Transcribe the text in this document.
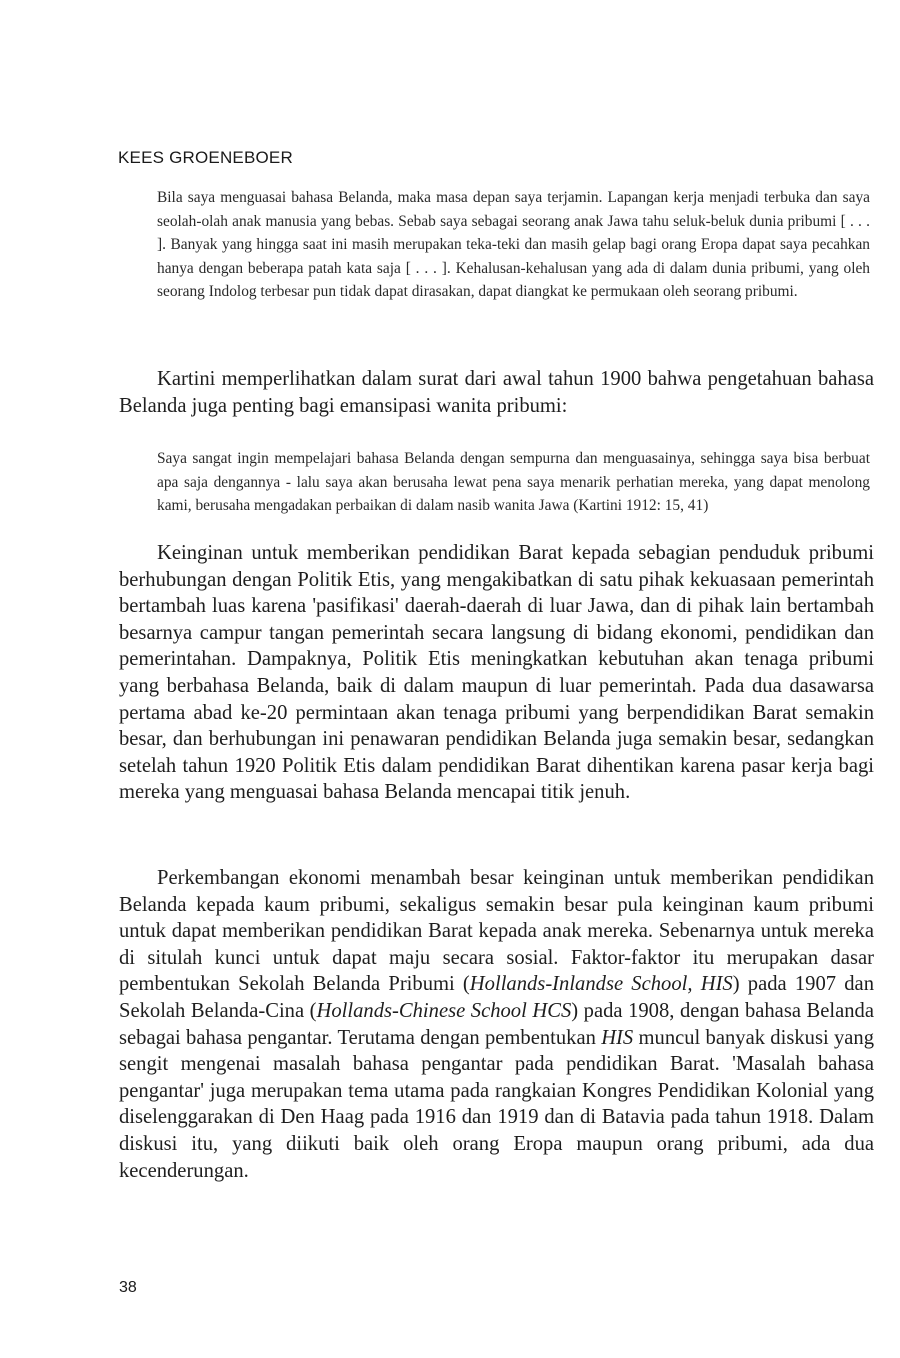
KEES GROENEBOER
Bila saya menguasai bahasa Belanda, maka masa depan saya terjamin. Lapangan kerja menjadi terbuka dan saya seolah-olah anak manusia yang bebas. Sebab saya sebagai seorang anak Jawa tahu seluk-beluk dunia pribumi [ . . . ]. Banyak yang hingga saat ini masih merupakan teka-teki dan masih gelap bagi orang Eropa dapat saya pecahkan hanya dengan beberapa patah kata saja [ . . . ]. Kehalusan-kehalusan yang ada di dalam dunia pribumi, yang oleh seorang Indolog terbesar pun tidak dapat dirasakan, dapat diangkat ke permukaan oleh seorang pribumi.
Kartini memperlihatkan dalam surat dari awal tahun 1900 bahwa pengetahuan bahasa Belanda juga penting bagi emansipasi wanita pribumi:
Saya sangat ingin mempelajari bahasa Belanda dengan sempurna dan menguasainya, sehingga saya bisa berbuat apa saja dengannya - lalu saya akan berusaha lewat pena saya menarik perhatian mereka, yang dapat menolong kami, berusaha mengadakan perbaikan di dalam nasib wanita Jawa (Kartini 1912: 15, 41)
Keinginan untuk memberikan pendidikan Barat kepada sebagian penduduk pribumi berhubungan dengan Politik Etis, yang mengakibatkan di satu pihak kekuasaan pemerintah bertambah luas karena 'pasifikasi' daerah-daerah di luar Jawa, dan di pihak lain bertambah besarnya campur tangan pemerintah secara langsung di bidang ekonomi, pendidikan dan pemerintahan. Dampaknya, Politik Etis meningkatkan kebutuhan akan tenaga pribumi yang berbahasa Belanda, baik di dalam maupun di luar pemerintah. Pada dua dasawarsa pertama abad ke-20 permintaan akan tenaga pribumi yang berpendidikan Barat semakin besar, dan berhubungan ini penawaran pendidikan Belanda juga semakin besar, sedangkan setelah tahun 1920 Politik Etis dalam pendidikan Barat dihentikan karena pasar kerja bagi mereka yang menguasai bahasa Belanda mencapai titik jenuh.
Perkembangan ekonomi menambah besar keinginan untuk memberikan pendidikan Belanda kepada kaum pribumi, sekaligus semakin besar pula keinginan kaum pribumi untuk dapat memberikan pendidikan Barat kepada anak mereka. Sebenarnya untuk mereka di situlah kunci untuk dapat maju secara sosial. Faktor-faktor itu merupakan dasar pembentukan Sekolah Belanda Pribumi (Hollands-Inlandse School, HIS) pada 1907 dan Sekolah Belanda-Cina (Hollands-Chinese School HCS) pada 1908, dengan bahasa Belanda sebagai bahasa pengantar. Terutama dengan pembentukan HIS muncul banyak diskusi yang sengit mengenai masalah bahasa pengantar pada pendidikan Barat. 'Masalah bahasa pengantar' juga merupakan tema utama pada rangkaian Kongres Pendidikan Kolonial yang diselenggarakan di Den Haag pada 1916 dan 1919 dan di Batavia pada tahun 1918. Dalam diskusi itu, yang diikuti baik oleh orang Eropa maupun orang pribumi, ada dua kecenderungan.
38
